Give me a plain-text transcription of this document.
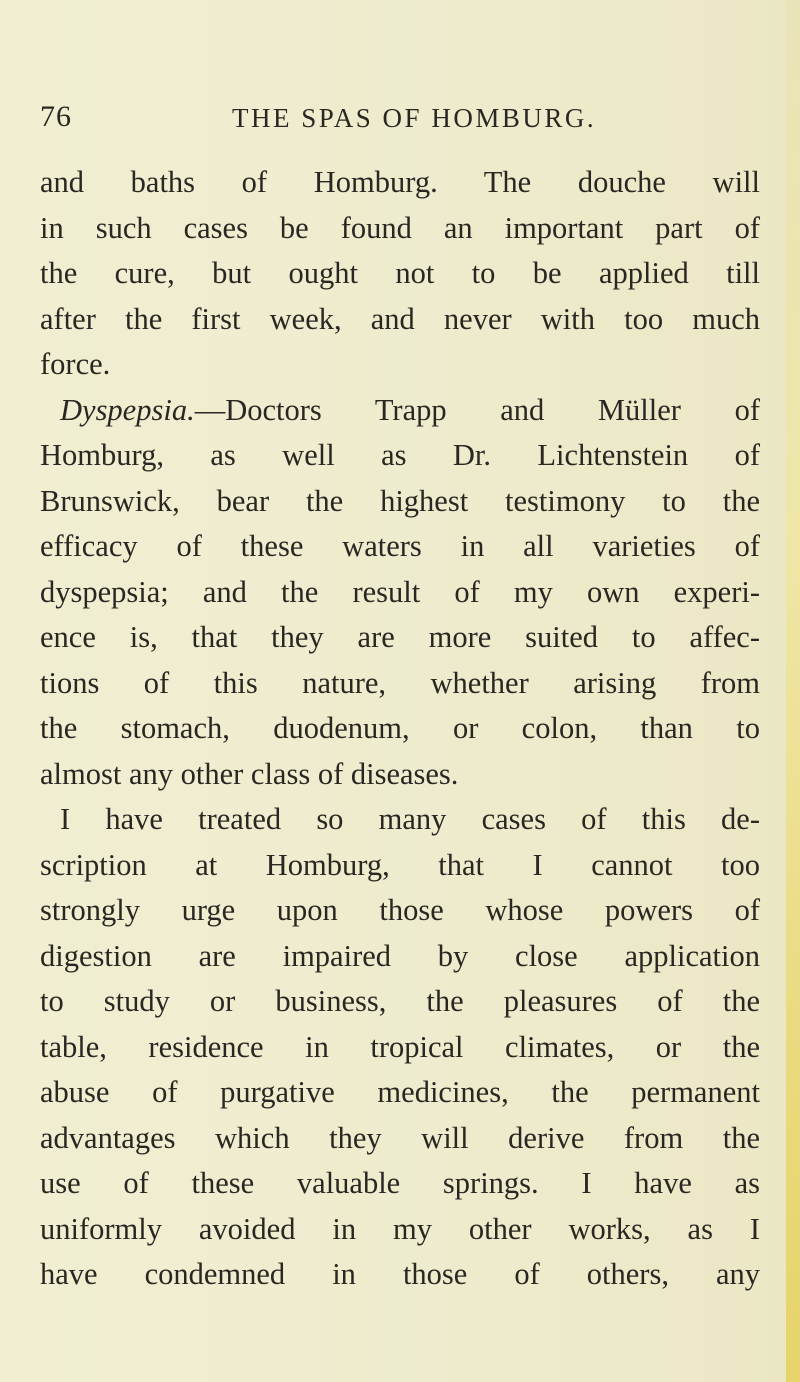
76	THE SPAS OF HOMBURG.
and baths of Homburg. The douche will
in such cases be found an important part of
the cure, but ought not to be applied till
after the first week, and never with too much
force.
Dyspepsia.—Doctors Trapp and Müller of
Homburg, as well as Dr. Lichtenstein of
Brunswick, bear the highest testimony to the
efficacy of these waters in all varieties of
dyspepsia; and the result of my own experi-
ence is, that they are more suited to affec-
tions of this nature, whether arising from
the stomach, duodenum, or colon, than to
almost any other class of diseases.
I have treated so many cases of this de-
scription at Homburg, that I cannot too
strongly urge upon those whose powers of
digestion are impaired by close application
to study or business, the pleasures of the
table, residence in tropical climates, or the
abuse of purgative medicines, the permanent
advantages which they will derive from the
use of these valuable springs. I have as
uniformly avoided in my other works, as I
have condemned in those of others, any
